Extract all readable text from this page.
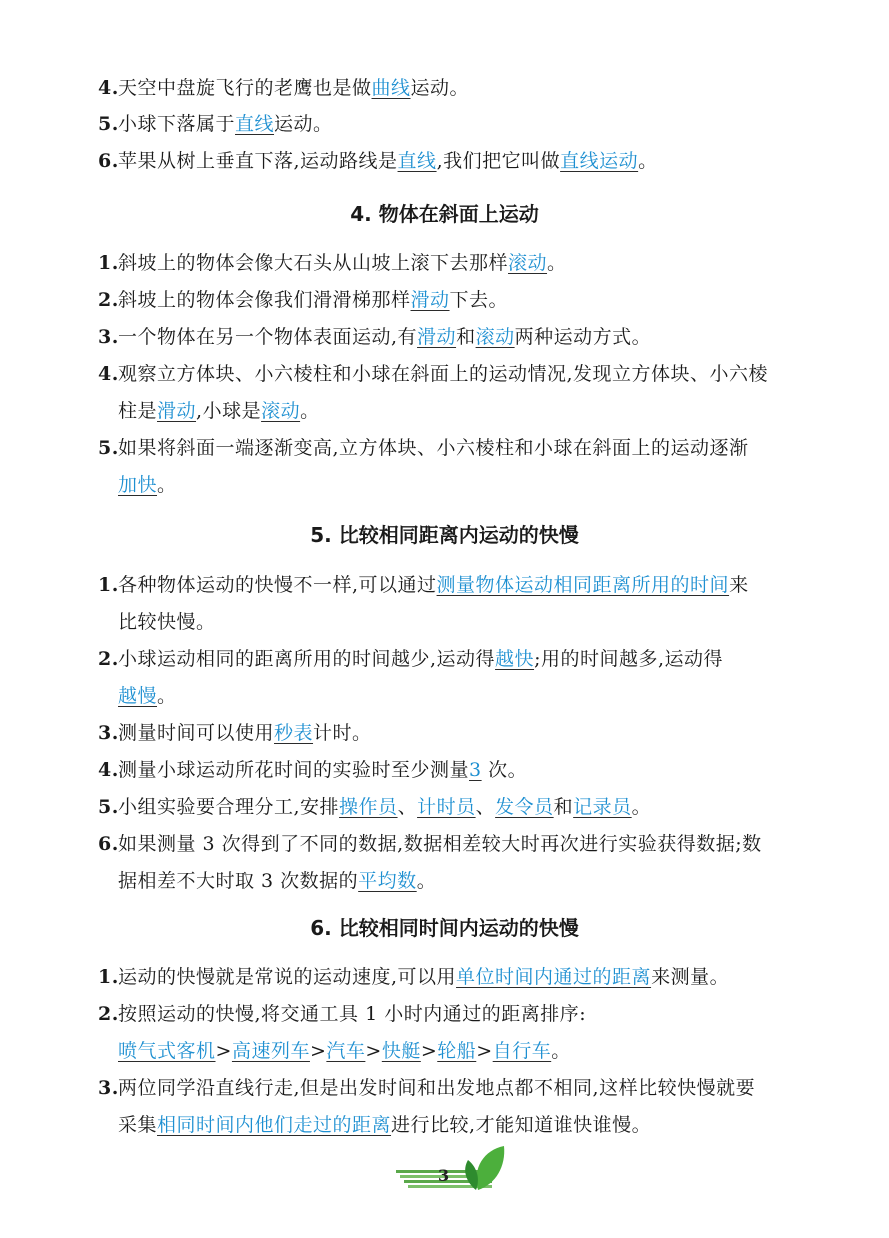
4.天空中盘旋飞行的老鹰也是做曲线运动。
5.小球下落属于直线运动。
6.苹果从树上垂直下落,运动路线是直线,我们把它叫做直线运动。
4. 物体在斜面上运动
1.斜坡上的物体会像大石头从山坡上滚下去那样滚动。
2.斜坡上的物体会像我们滑滑梯那样滑动下去。
3.一个物体在另一个物体表面运动,有滑动和滚动两种运动方式。
4.观察立方体块、小六棱柱和小球在斜面上的运动情况,发现立方体块、小六棱
柱是滑动,小球是滚动。
5.如果将斜面一端逐渐变高,立方体块、小六棱柱和小球在斜面上的运动逐渐
加快。
5. 比较相同距离内运动的快慢
1.各种物体运动的快慢不一样,可以通过测量物体运动相同距离所用的时间来
比较快慢。
2.小球运动相同的距离所用的时间越少,运动得越快;用的时间越多,运动得
越慢。
3.测量时间可以使用秒表计时。
4.测量小球运动所花时间的实验时至少测量3 次。
5.小组实验要合理分工,安排操作员、计时员、发令员和记录员。
6.如果测量 3 次得到了不同的数据,数据相差较大时再次进行实验获得数据;数
据相差不大时取 3 次数据的平均数。
6. 比较相同时间内运动的快慢
1.运动的快慢就是常说的运动速度,可以用单位时间内通过的距离来测量。
2.按照运动的快慢,将交通工具 1 小时内通过的距离排序:
喷气式客机>高速列车>汽车>快艇>轮船>自行车。
3.两位同学沿直线行走,但是出发时间和出发地点都不相同,这样比较快慢就要
采集相同时间内他们走过的距离进行比较,才能知道谁快谁慢。
3
